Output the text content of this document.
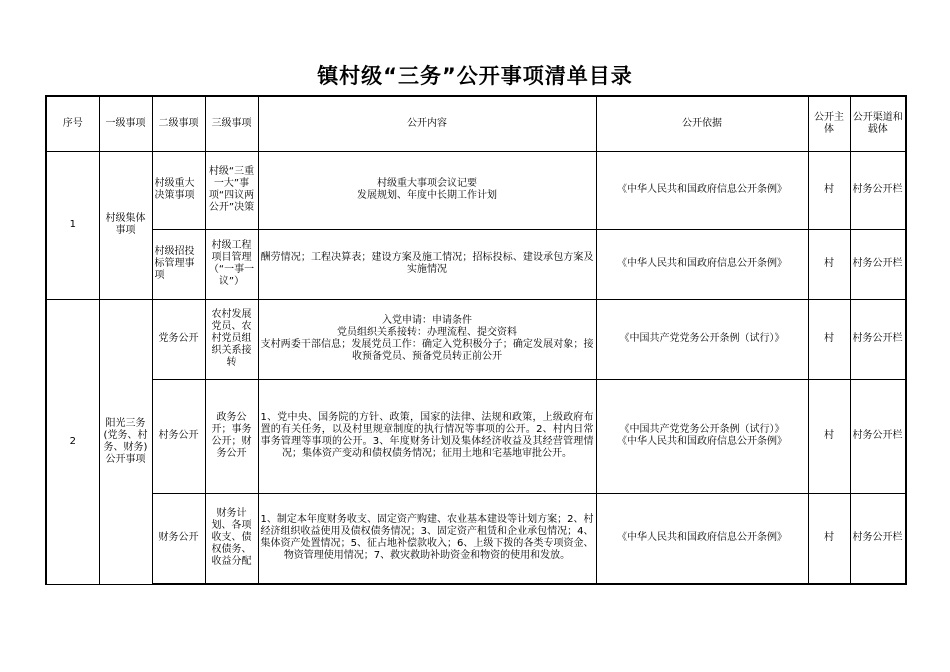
镇村级“三务”公开事项清单目录
序号	一级事项	二级事项	三级事项	公开内容	公开依据	公开主体	公开渠道和载体
1	村级集体事项	村级重大决策事项	村级“三重一大”事项“四议两公开”决策	村级重大事项会议记要
发展规划、年度中长期工作计划	《中华人民共和国政府信息公开条例》	村	村务公开栏
		村级招投标管理事项	村级工程项目管理（“一事一议”）	酬劳情况；工程决算表；建设方案及施工情况；招标投标、建设承包方案及实施情况	《中华人民共和国政府信息公开条例》	村	村务公开栏
2	阳光三务(党务、村务、财务)公开事项	党务公开	农村发展党员、农村党员组织关系接转	入党申请：申请条件
党员组织关系接转：办理流程、提交资料
支村两委干部信息；发展党员工作：确定入党积极分子；确定发展对象；接收预备党员、预备党员转正前公开	《中国共产党党务公开条例（试行）》	村	村务公开栏
		村务公开	政务公开；事务公开；财务公开	1、党中央、国务院的方针、政策，国家的法律、法规和政策，上级政府布置的有关任务，以及村里规章制度的执行情况等事项的公开。2、村内日常事务管理等事项的公开。3、年度财务计划及集体经济收益及其经营管理情况；集体资产变动和债权债务情况；征用土地和宅基地审批公开。	《中国共产党党务公开条例（试行）》
《中华人民共和国政府信息公开条例》	村	村务公开栏
		财务公开	财务计划、各项收支、债权债务、收益分配	1、制定本年度财务收支、固定资产购建、农业基本建设等计划方案；2、村经济组织收益使用及债权债务情况；3、固定资产租赁和企业承包情况；4、集体资产处置情况；5、征占地补偿款收入；6、上级下拨的各类专项资金、物资管理使用情况；7、救灾救助补助资金和物资的使用和发放。	《中华人民共和国政府信息公开条例》	村	村务公开栏
